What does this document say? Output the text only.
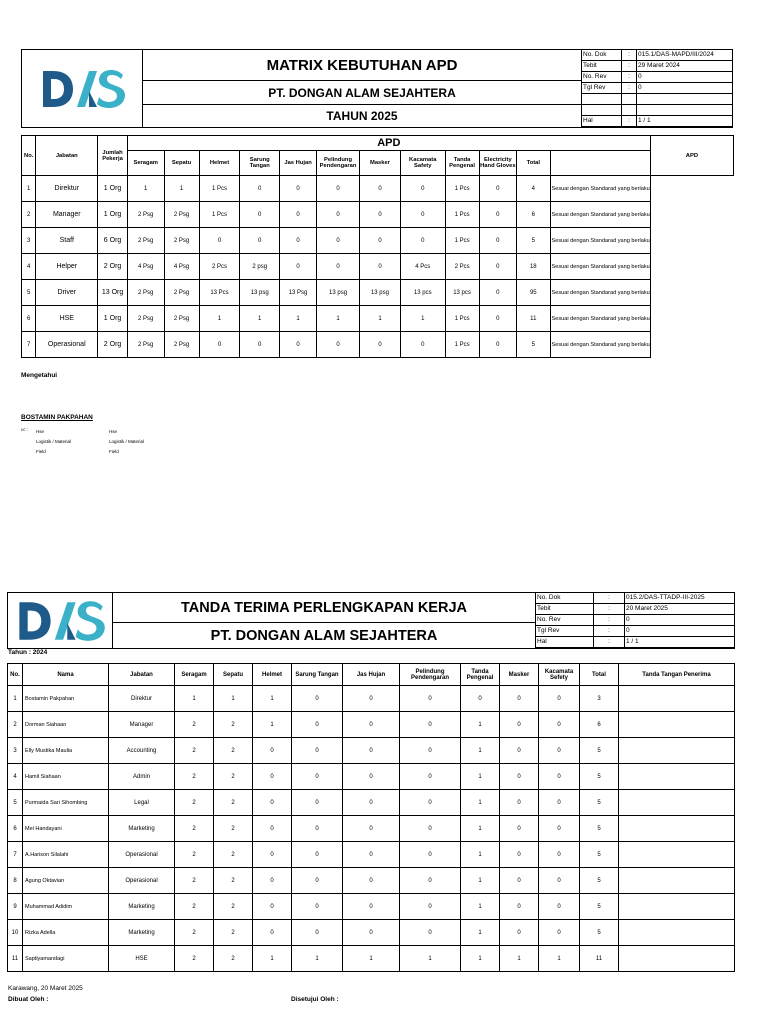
	MATRIX KEBUTUHAN APD	
No. Dok	:	015.1/DAS-MAPD/III/2024
Tebit	:	29 Maret 2024
No. Rev	:	0
Tgl Rev	:	0

Hal	:	1 / 1

PT. DONGAN ALAM SEJAHTERA
TAHUN 2025
No.	Jabatan	Jumlah Pekerja	APD												APD
			Seragam	Sepatu	Helmet	Sarung Tangan	Jas Hujan	Pelindung Pendengaran	Masker	Kacamata Safety	Tanda Pengenal	Electricity Hand Gloves	Total		
1	Direktur	1 Org	1	1	1 Pcs	0	0	0	0	0	1 Pcs	0	4	Sesuai dengan Standarad yang berlaku	
2	Manager	1 Org	2 Psg	2 Psg	1 Pcs	0	0	0	0	0	1 Pcs	0	6	Sesuai dengan Standarad yang berlaku	
3	Staff	6 Org	2 Psg	2 Psg	0	0	0	0	0	0	1 Pcs	0	5	Sesuai dengan Standarad yang berlaku	
4	Helper	2 Org	4 Psg	4 Psg	2 Pcs	2 psg	0	0	0	4 Pcs	2 Pcs	0	18	Sesuai dengan Standarad yang berlaku	
5	Driver	13 Org	2 Psg	2 Psg	13 Pcs	13 psg	13 Psg	13 psg	13 psg	13 pcs	13 pcs	0	95	Sesuai dengan Standarad yang berlaku	
6	HSE	1 Org	2 Psg	2 Psg	1	1	1	1	1	1	1 Pcs	0	11	Sesuai dengan Standarad yang berlaku	
7	Operasional	2 Org	2 Psg	2 Psg	0	0	0	0	0	0	1 Pcs	0	5	Sesuai dengan Standarad yang berlaku	
Mengetahui
BOSTAMIN PAKPAHAN
cc : Hse
Logistik / Material
Field
Hse
Logistik / Material
Field
	TANDA TERIMA PERLENGKAPAN KERJA	
No. Dok	:	015.2/DAS-TTADP-III-2025
Tebit	:	20 Maret 2025
No. Rev	:	0
Tgl Rev	:	0
Hal	:	1 / 1

PT. DONGAN ALAM SEJAHTERA
Tahun : 2024
No.	Nama	Jabatan	Seragam	Sepatu	Helmet	Sarung Tangan	Jas Hujan	Pelindung Pendengaran	Tanda Pengenal	Masker	Kacamata Sefety	Total	Tanda Tangan Penerima
1	Bostamin Pakpahan	Direktur	1	1	1	0	0	0	0	0	0	3	
2	Dorman Siahaan	Manager	2	2	1	0	0	0	1	0	0	6	
3	Elly Mustika Maulia	Accounting	2	2	0	0	0	0	1	0	0	5	
4	Hamil Siahaan	Admin	2	2	0	0	0	0	1	0	0	5	
5	Purmaida Sari Sihombing	Legal	2	2	0	0	0	0	1	0	0	5	
6	Mei Handayani	Marketing	2	2	0	0	0	0	1	0	0	5	
7	A.Harison Silalahi	Operasional	2	2	0	0	0	0	1	0	0	5	
8	Agung Oktavian	Operasional	2	2	0	0	0	0	1	0	0	5	
9	Muhammad Adidim	Marketing	2	2	0	0	0	0	1	0	0	5	
10	Rizka Adella	Marketing	2	2	0	0	0	0	1	0	0	5	
11	Saptiyamandagi	HSE	2	2	1	1	1	1	1	1	1	11	
Karawang, 20 Maret 2025
Dibuat Oleh :	Disetujui Oleh :
